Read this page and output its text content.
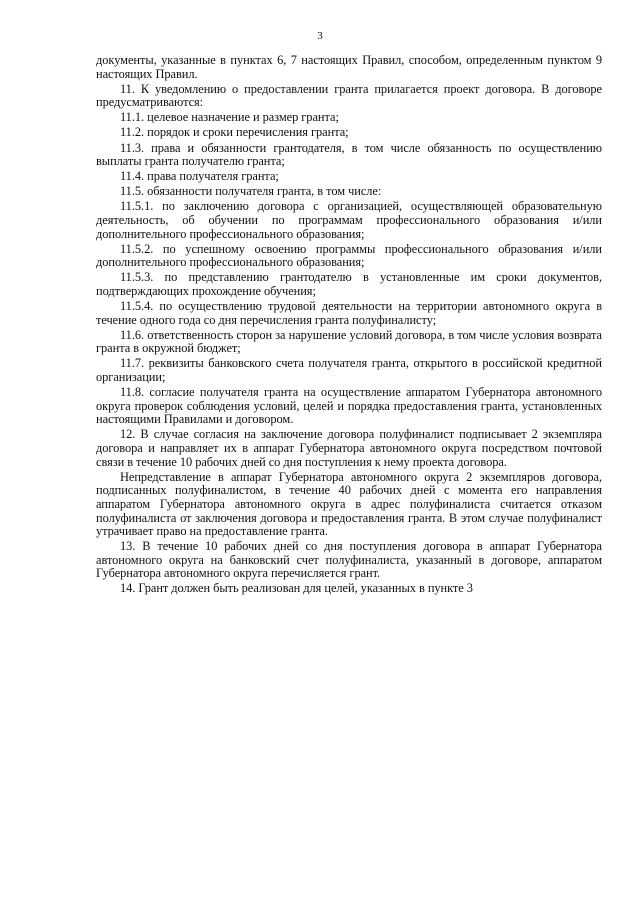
3

документы, указанные в пунктах 6, 7 настоящих Правил, способом, определенным пунктом 9 настоящих Правил.

11. К уведомлению о предоставлении гранта прилагается проект договора. В договоре предусматриваются:

11.1. целевое назначение и размер гранта;

11.2. порядок и сроки перечисления гранта;

11.3. права и обязанности грантодателя, в том числе обязанность по осуществлению выплаты гранта получателю гранта;

11.4. права получателя гранта;

11.5. обязанности получателя гранта, в том числе:

11.5.1. по заключению договора с организацией, осуществляющей образовательную деятельность, об обучении по программам профессионального образования и/или дополнительного профессионального образования;

11.5.2. по успешному освоению программы профессионального образования и/или дополнительного профессионального образования;

11.5.3. по представлению грантодателю в установленные им сроки документов, подтверждающих прохождение обучения;

11.5.4. по осуществлению трудовой деятельности на территории автономного округа в течение одного года со дня перечисления гранта полуфиналисту;

11.6. ответственность сторон за нарушение условий договора, в том числе условия возврата гранта в окружной бюджет;

11.7. реквизиты банковского счета получателя гранта, открытого в российской кредитной организации;

11.8. согласие получателя гранта на осуществление аппаратом Губернатора автономного округа проверок соблюдения условий, целей и порядка предоставления гранта, установленных настоящими Правилами и договором.

12. В случае согласия на заключение договора полуфиналист подписывает 2 экземпляра договора и направляет их в аппарат Губернатора автономного округа посредством почтовой связи в течение 10 рабочих дней со дня поступления к нему проекта договора.

Непредставление в аппарат Губернатора автономного округа 2 экземпляров договора, подписанных полуфиналистом, в течение 40 рабочих дней с момента его направления аппаратом Губернатора автономного округа в адрес полуфиналиста считается отказом полуфиналиста от заключения договора и предоставления гранта. В этом случае полуфиналист утрачивает право на предоставление гранта.

13. В течение 10 рабочих дней со дня поступления договора в аппарат Губернатора автономного округа на банковский счет полуфиналиста, указанный в договоре, аппаратом Губернатора автономного округа перечисляется грант.

14. Грант должен быть реализован для целей, указанных в пункте 3
